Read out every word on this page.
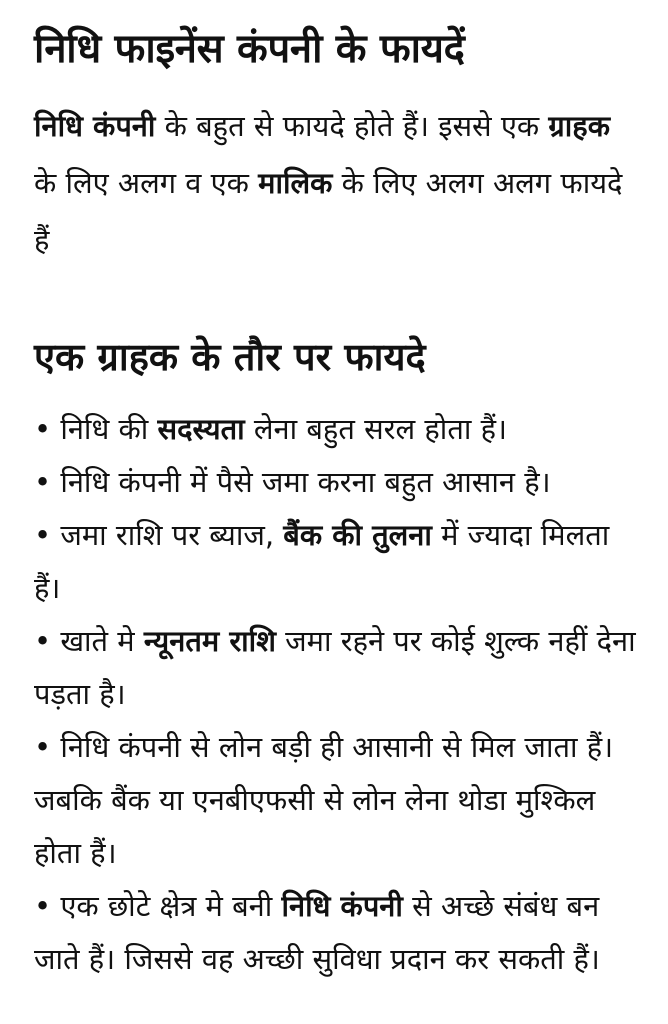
निधि फाइनेंस कंपनी के फायदें

निधि कंपनी के बहुत से फायदे होते हैं। इससे एक ग्राहक के लिए अलग व एक मालिक के लिए अलग अलग फायदे हैं

एक ग्राहक के तौर पर फायदे
• निधि की सदस्यता लेना बहुत सरल होता हैं।
• निधि कंपनी में पैसे जमा करना बहुत आसान है।
• जमा राशि पर ब्याज, बैंक की तुलना में ज्यादा मिलता हैं।
• खाते मे न्यूनतम राशि जमा रहने पर कोई शुल्क नहीं देना पड़ता है।
• निधि कंपनी से लोन बड़ी ही आसानी से मिल जाता हैं। जबकि बैंक या एनबीएफसी से लोन लेना थोडा मुश्किल होता हैं।
• एक छोटे क्षेत्र मे बनी निधि कंपनी से अच्छे संबंध बन जाते हैं। जिससे वह अच्छी सुविधा प्रदान कर सकती हैं।
